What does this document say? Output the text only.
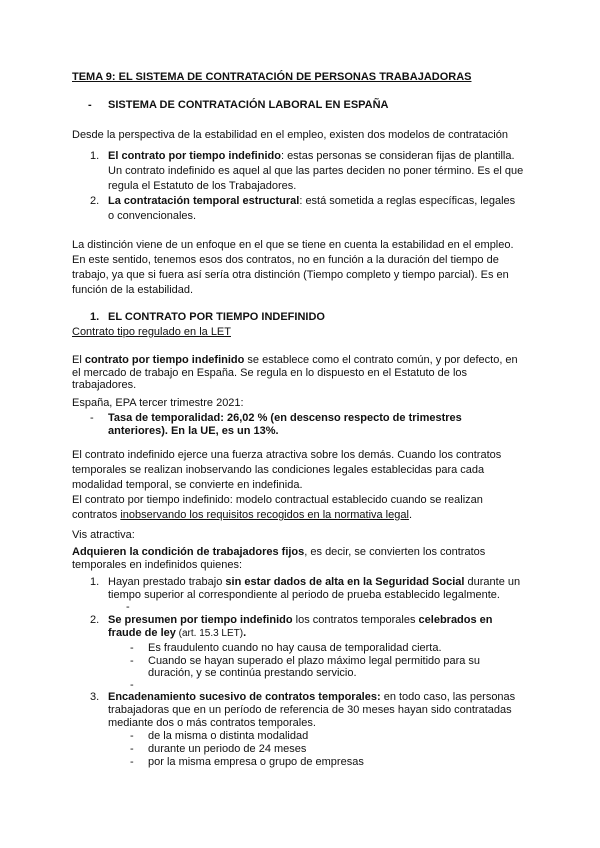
TEMA 9: EL SISTEMA DE CONTRATACIÓN DE PERSONAS TRABAJADORAS
- SISTEMA DE CONTRATACIÓN LABORAL EN ESPAÑA
Desde la perspectiva de la estabilidad en el empleo, existen dos modelos de contratación
1. El contrato por tiempo indefinido: estas personas se consideran fijas de plantilla.
Un contrato indefinido es aquel al que las partes deciden no poner término. Es el que
regula el Estatuto de los Trabajadores.
2. La contratación temporal estructural: está sometida a reglas específicas, legales
o convencionales.
La distinción viene de un enfoque en el que se tiene en cuenta la estabilidad en el empleo.
En este sentido, tenemos esos dos contratos, no en función a la duración del tiempo de
trabajo, ya que si fuera así sería otra distinción (Tiempo completo y tiempo parcial). Es en
función de la estabilidad.
1. EL CONTRATO POR TIEMPO INDEFINIDO
Contrato tipo regulado en la LET
El contrato por tiempo indefinido se establece como el contrato común, y por defecto, en
el mercado de trabajo en España. Se regula en lo dispuesto en el Estatuto de los
trabajadores.
España, EPA tercer trimestre 2021:
- Tasa de temporalidad: 26,02 % (en descenso respecto de trimestres
anteriores). En la UE, es un 13%.
El contrato indefinido ejerce una fuerza atractiva sobre los demás. Cuando los contratos
temporales se realizan inobservando las condiciones legales establecidas para cada
modalidad temporal, se convierte en indefinida.
El contrato por tiempo indefinido: modelo contractual establecido cuando se realizan
contratos inobservando los requisitos recogidos en la normativa legal.
Vis atractiva:
Adquieren la condición de trabajadores fijos, es decir, se convierten los contratos
temporales en indefinidos quienes:
1. Hayan prestado trabajo sin estar dados de alta en la Seguridad Social durante un
tiempo superior al correspondiente al periodo de prueba establecido legalmente.
-
2. Se presumen por tiempo indefinido los contratos temporales celebrados en
fraude de ley (art. 15.3 LET).
- Es fraudulento cuando no hay causa de temporalidad cierta.
- Cuando se hayan superado el plazo máximo legal permitido para su
duración, y se continúa prestando servicio.
-
3. Encadenamiento sucesivo de contratos temporales: en todo caso, las personas
trabajadoras que en un período de referencia de 30 meses hayan sido contratadas
mediante dos o más contratos temporales.
- de la misma o distinta modalidad
- durante un periodo de 24 meses
- por la misma empresa o grupo de empresas
